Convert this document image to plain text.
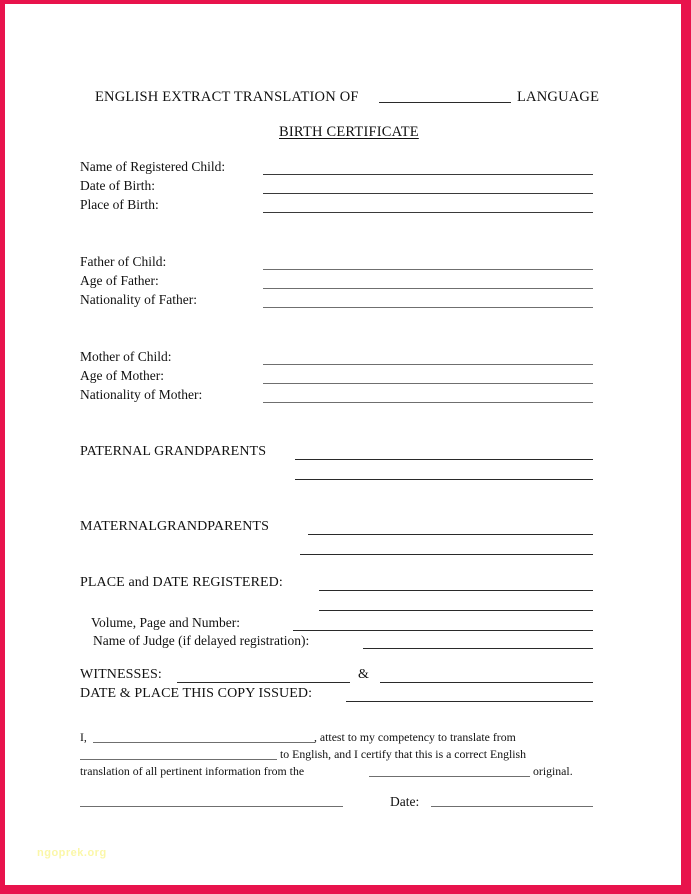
ENGLISH EXTRACT TRANSLATION OF	LANGUAGE
BIRTH CERTIFICATE
Name of Registered Child:
Date of Birth:
Place of Birth:
Father of Child:
Age of Father:
Nationality of Father:
Mother of Child:
Age of Mother:
Nationality of Mother:
PATERNAL GRANDPARENTS
MATERNALGRANDPARENTS
PLACE and DATE REGISTERED:
Volume, Page and Number:
Name of Judge (if delayed registration):
WITNESSES:	&
DATE & PLACE THIS COPY ISSUED:
I,	, attest to my competency to translate from
to English, and I certify that this is a correct English
translation of all pertinent information from the	original.
Date:
ngoprek.org
